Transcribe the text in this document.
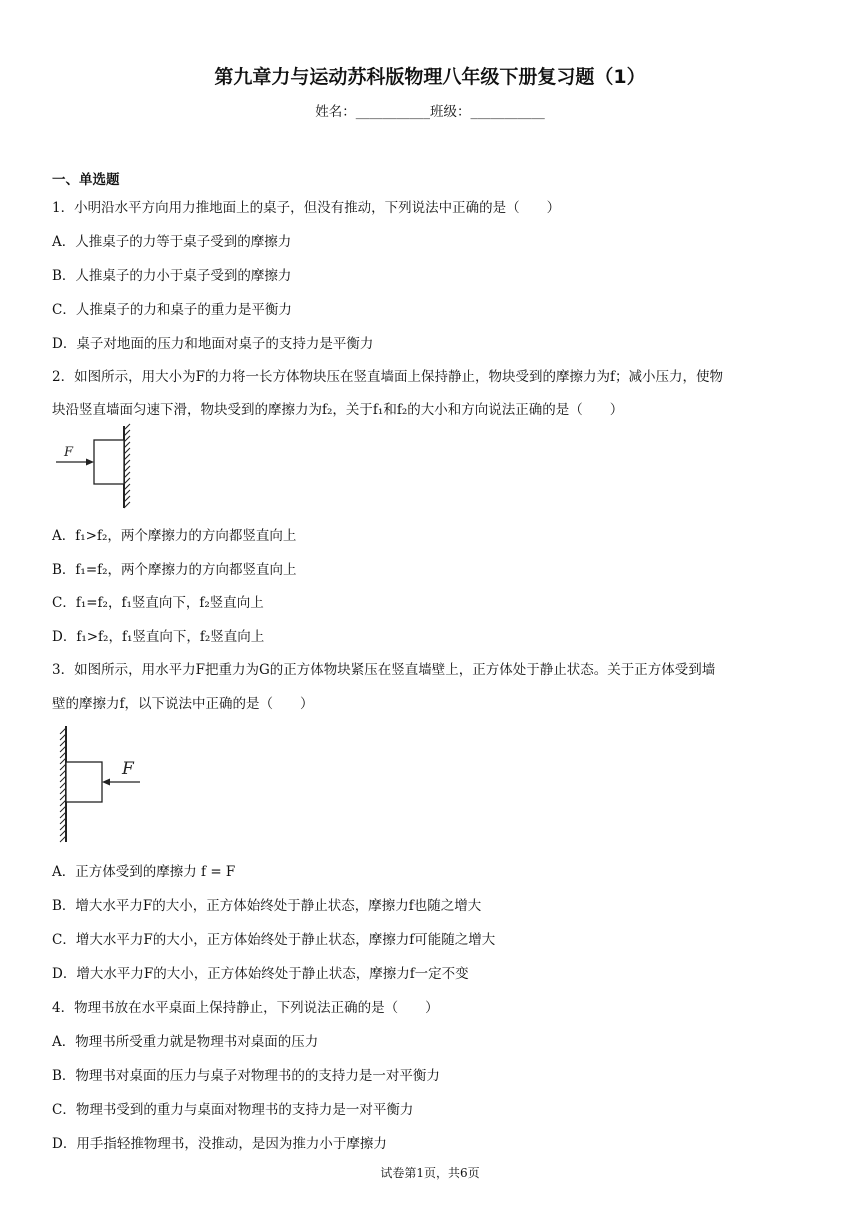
第九章力与运动苏科版物理八年级下册复习题（1）
姓名：___________班级：___________
一、单选题
1．小明沿水平方向用力推地面上的桌子，但没有推动，下列说法中正确的是（　　）
A．人推桌子的力等于桌子受到的摩擦力
B．人推桌子的力小于桌子受到的摩擦力
C．人推桌子的力和桌子的重力是平衡力
D．桌子对地面的压力和地面对桌子的支持力是平衡力
2．如图所示，用大小为F的力将一长方体物块压在竖直墙面上保持静止，物块受到的摩擦力为f；减小压力，使物
块沿竖直墙面匀速下滑，物块受到的摩擦力为f₂，关于f₁和f₂的大小和方向说法正确的是（　　）
F
A．f₁>f₂，两个摩擦力的方向都竖直向上
B．f₁=f₂，两个摩擦力的方向都竖直向上
C．f₁=f₂，f₁竖直向下，f₂竖直向上
D．f₁>f₂，f₁竖直向下，f₂竖直向上
3．如图所示，用水平力F把重力为G的正方体物块紧压在竖直墙壁上，正方体处于静止状态。关于正方体受到墙
壁的摩擦力f，以下说法中正确的是（　　）
F
A．正方体受到的摩擦力 f = F
B．增大水平力F的大小，正方体始终处于静止状态，摩擦力f也随之增大
C．增大水平力F的大小，正方体始终处于静止状态，摩擦力f可能随之增大
D．增大水平力F的大小，正方体始终处于静止状态，摩擦力f一定不变
4．物理书放在水平桌面上保持静止，下列说法正确的是（　　）
A．物理书所受重力就是物理书对桌面的压力
B．物理书对桌面的压力与桌子对物理书的的支持力是一对平衡力
C．物理书受到的重力与桌面对物理书的支持力是一对平衡力
D．用手指轻推物理书，没推动，是因为推力小于摩擦力
试卷第1页，共6页
